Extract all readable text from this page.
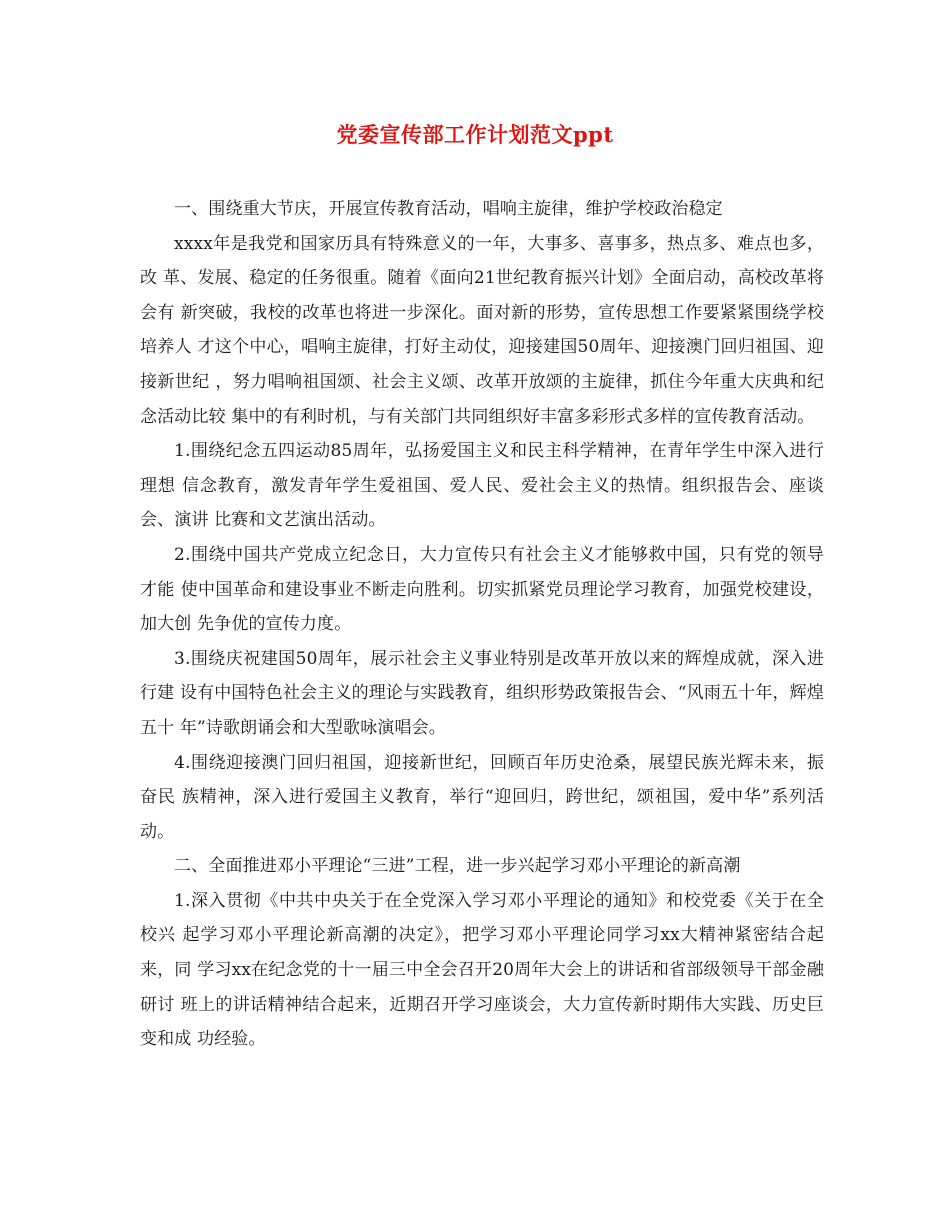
党委宣传部工作计划范文ppt

一、围绕重大节庆，开展宣传教育活动，唱响主旋律，维护学校政治稳定

xxxx年是我党和国家历具有特殊意义的一年，大事多、喜事多，热点多、难点也多，改 革、发展、稳定的任务很重。随着《面向21世纪教育振兴计划》全面启动，高校改革将会有 新突破，我校的改革也将进一步深化。面对新的形势，宣传思想工作要紧紧围绕学校培养人 才这个中心，唱响主旋律，打好主动仗，迎接建国50周年、迎接澳门回归祖国、迎接新世纪 ，努力唱响祖国颂、社会主义颂、改革开放颂的主旋律，抓住今年重大庆典和纪念活动比较 集中的有利时机，与有关部门共同组织好丰富多彩形式多样的宣传教育活动。

1.围绕纪念五四运动85周年，弘扬爱国主义和民主科学精神，在青年学生中深入进行理想 信念教育，激发青年学生爱祖国、爱人民、爱社会主义的热情。组织报告会、座谈会、演讲 比赛和文艺演出活动。

2.围绕中国共产党成立纪念日，大力宣传只有社会主义才能够救中国，只有党的领导才能 使中国革命和建设事业不断走向胜利。切实抓紧党员理论学习教育，加强党校建设，加大创 先争优的宣传力度。

3.围绕庆祝建国50周年，展示社会主义事业特别是改革开放以来的辉煌成就，深入进行建 设有中国特色社会主义的理论与实践教育，组织形势政策报告会、“风雨五十年，辉煌五十 年”诗歌朗诵会和大型歌咏演唱会。

4.围绕迎接澳门回归祖国，迎接新世纪，回顾百年历史沧桑，展望民族光辉未来，振奋民 族精神，深入进行爱国主义教育，举行“迎回归，跨世纪，颂祖国，爱中华”系列活动。

二、全面推进邓小平理论“三进”工程，进一步兴起学习邓小平理论的新高潮

1.深入贯彻《中共中央关于在全党深入学习邓小平理论的通知》和校党委《关于在全校兴 起学习邓小平理论新高潮的决定》，把学习邓小平理论同学习xx大精神紧密结合起来，同 学习xx在纪念党的十一届三中全会召开20周年大会上的讲话和省部级领导干部金融研讨 班上的讲话精神结合起来，近期召开学习座谈会，大力宣传新时期伟大实践、历史巨变和成 功经验。
